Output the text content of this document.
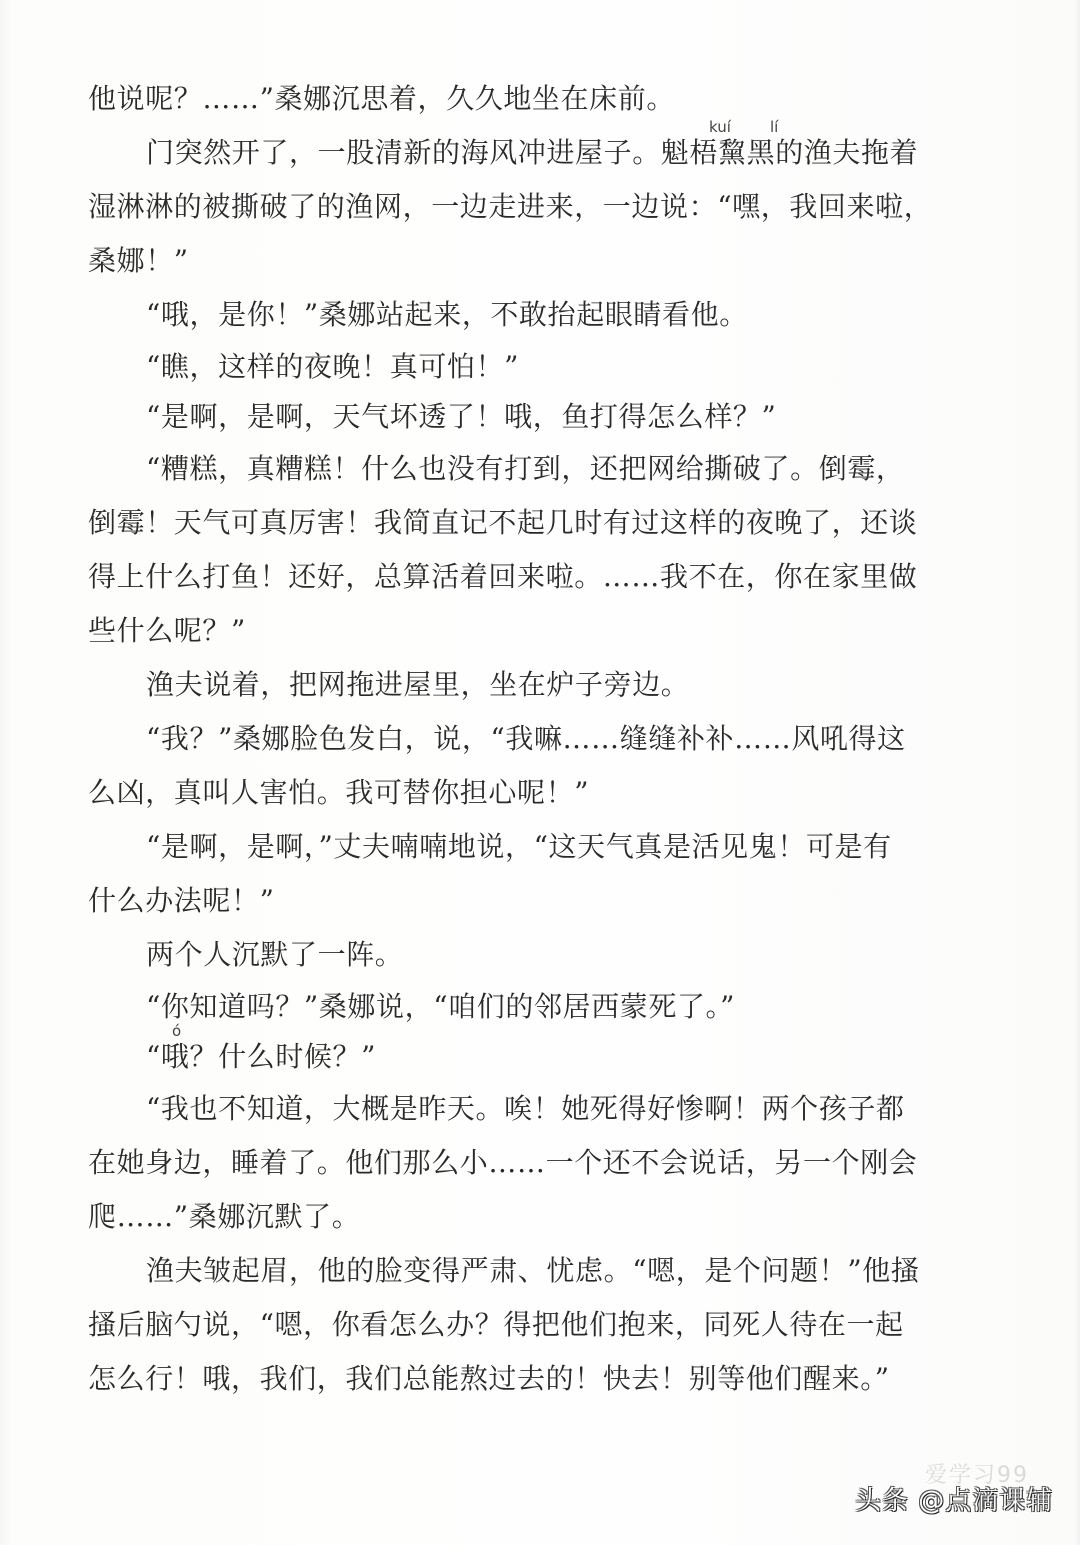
他说呢？……”桑娜沉思着，久久地坐在床前。
kuí	lí
门突然开了，一股清新的海风冲进屋子。魁梧黧黑的渔夫拖着
湿淋淋的被撕破了的渔网，一边走进来，一边说：“嘿，我回来啦，
桑娜！”
“哦，是你！”桑娜站起来，不敢抬起眼睛看他。
“瞧，这样的夜晚！真可怕！”
“是啊，是啊，天气坏透了！哦，鱼打得怎么样？”
“糟糕，真糟糕！什么也没有打到，还把网给撕破了。倒霉，
倒霉！天气可真厉害！我简直记不起几时有过这样的夜晚了，还谈
得上什么打鱼！还好，总算活着回来啦。……我不在，你在家里做
些什么呢？”
渔夫说着，把网拖进屋里，坐在炉子旁边。
“我？”桑娜脸色发白，说，“我嘛……缝缝补补……风吼得这
么凶，真叫人害怕。我可替你担心呢！”
“是啊，是啊，”丈夫喃喃地说，“这天气真是活见鬼！可是有
什么办法呢！”
两个人沉默了一阵。
“你知道吗？”桑娜说，“咱们的邻居西蒙死了。”
ó
“哦？什么时候？”
“我也不知道，大概是昨天。唉！她死得好惨啊！两个孩子都
在她身边，睡着了。他们那么小……一个还不会说话，另一个刚会
爬……”桑娜沉默了。
渔夫皱起眉，他的脸变得严肃、忧虑。“嗯，是个问题！”他搔
搔后脑勺说，“嗯，你看怎么办？得把他们抱来，同死人待在一起
怎么行！哦，我们，我们总能熬过去的！快去！别等他们醒来。”
爱学习99
头条 @点滴课辅
